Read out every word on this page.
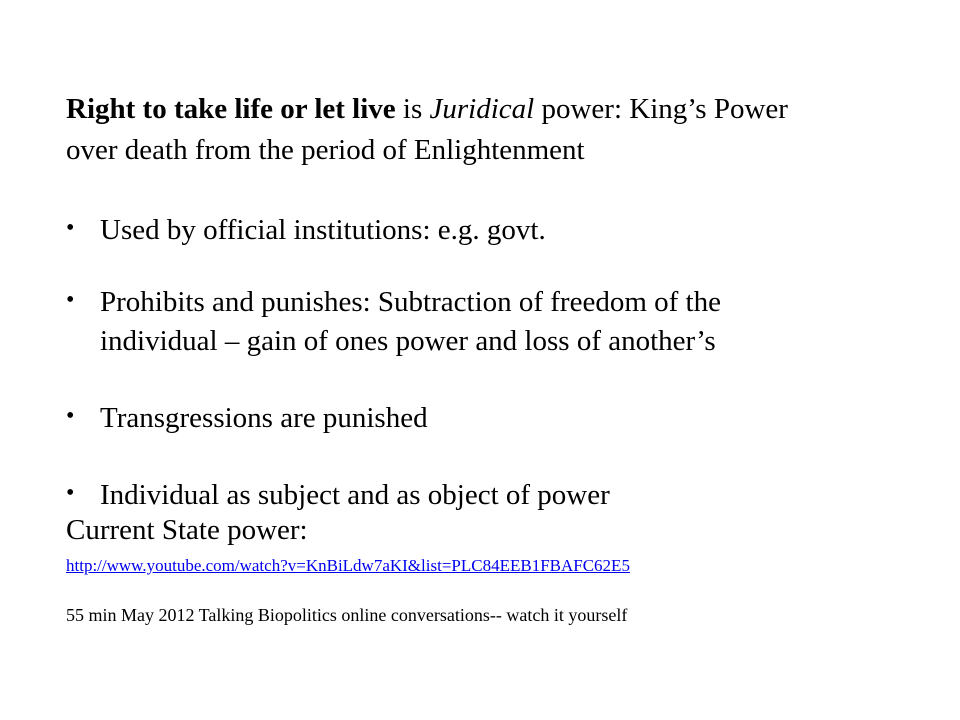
Right to take life or let live is Juridical power: King’s Power
over death from the period of Enlightenment
• Used by official institutions: e.g. govt.
• Prohibits and punishes: Subtraction of freedom of the
individual – gain of ones power and loss of another’s
• Transgressions are punished
• Individual as subject and as object of power
Current State power:
http://www.youtube.com/watch?v=KnBiLdw7aKI&list=PLC84EEB1FBAFC62E5
55 min May 2012 Talking Biopolitics online conversations-- watch it yourself
